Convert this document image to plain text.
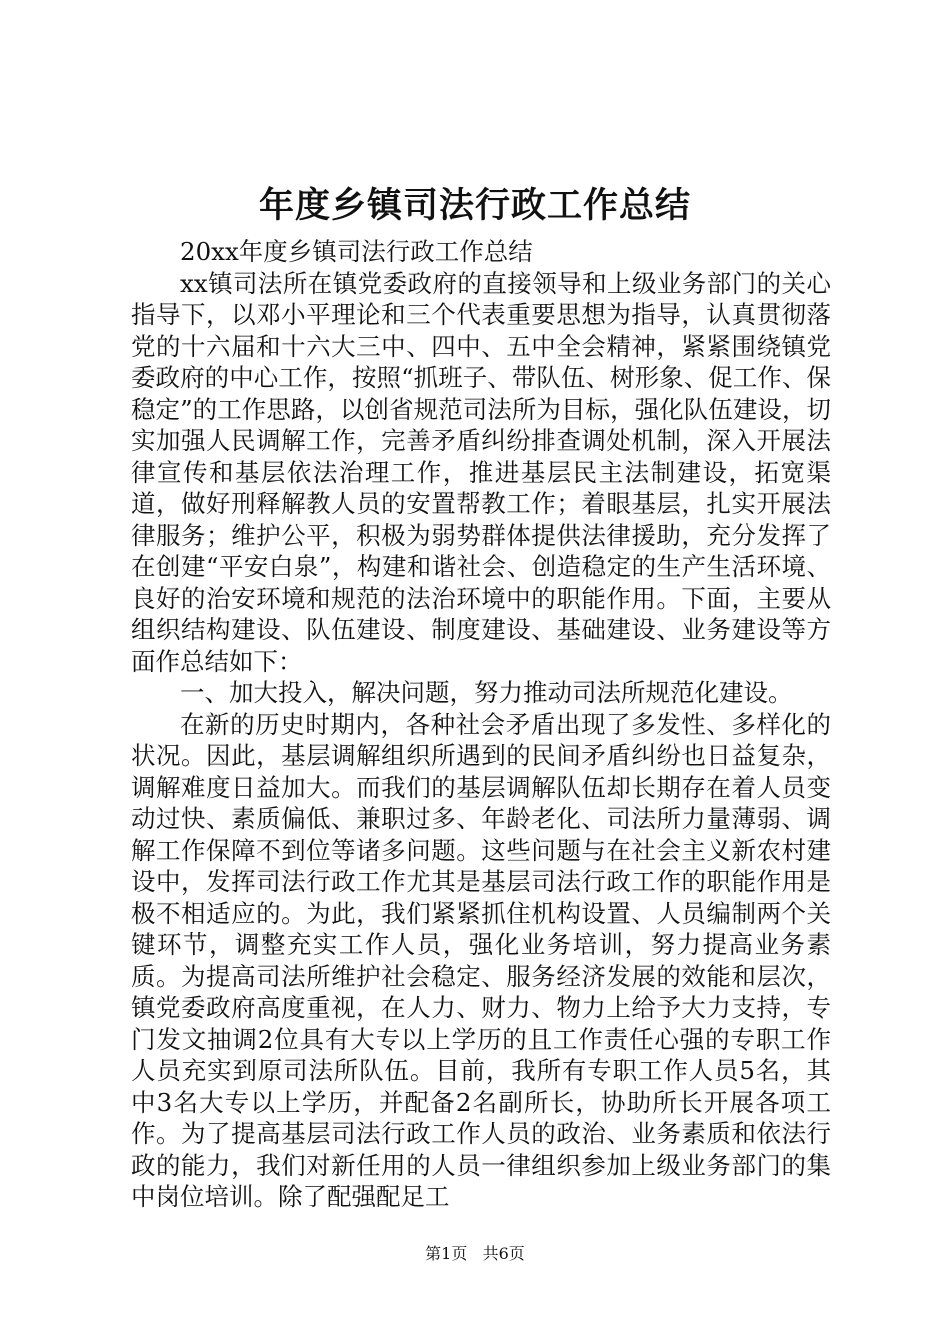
年度乡镇司法行政工作总结

20xx年度乡镇司法行政工作总结

xx镇司法所在镇党委政府的直接领导和上级业务部门的关心指导下，以邓小平理论和三个代表重要思想为指导，认真贯彻落党的十六届和十六大三中、四中、五中全会精神，紧紧围绕镇党委政府的中心工作，按照“抓班子、带队伍、树形象、促工作、保稳定”的工作思路，以创省规范司法所为目标，强化队伍建设，切实加强人民调解工作，完善矛盾纠纷排查调处机制，深入开展法律宣传和基层依法治理工作，推进基层民主法制建设，拓宽渠道，做好刑释解教人员的安置帮教工作；着眼基层，扎实开展法律服务；维护公平，积极为弱势群体提供法律援助，充分发挥了在创建“平安白泉”，构建和谐社会、创造稳定的生产生活环境、良好的治安环境和规范的法治环境中的职能作用。下面，主要从组织结构建设、队伍建设、制度建设、基础建设、业务建设等方面作总结如下：

一、加大投入，解决问题，努力推动司法所规范化建设。

在新的历史时期内，各种社会矛盾出现了多发性、多样化的状况。因此，基层调解组织所遇到的民间矛盾纠纷也日益复杂，调解难度日益加大。而我们的基层调解队伍却长期存在着人员变动过快、素质偏低、兼职过多、年龄老化、司法所力量薄弱、调解工作保障不到位等诸多问题。这些问题与在社会主义新农村建设中，发挥司法行政工作尤其是基层司法行政工作的职能作用是极不相适应的。为此，我们紧紧抓住机构设置、人员编制两个关键环节，调整充实工作人员，强化业务培训，努力提高业务素质。为提高司法所维护社会稳定、服务经济发展的效能和层次，镇党委政府高度重视，在人力、财力、物力上给予大力支持，专门发文抽调2位具有大专以上学历的且工作责任心强的专职工作人员充实到原司法所队伍。目前，我所有专职工作人员5名，其中3名大专以上学历，并配备2名副所长，协助所长开展各项工作。为了提高基层司法行政工作人员的政治、业务素质和依法行政的能力，我们对新任用的人员一律组织参加上级业务部门的集中岗位培训。除了配强配足工

第1页 共6页
